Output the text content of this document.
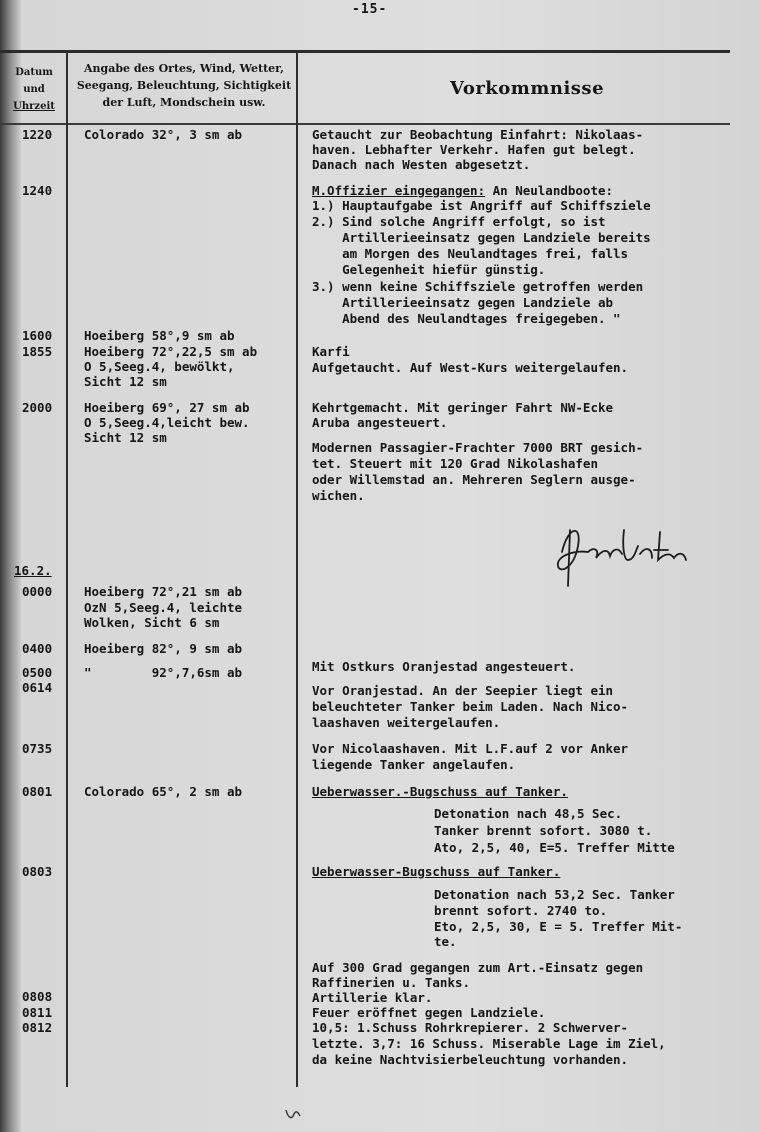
-15-
Datum
und
Uhrzeit
Angabe des Ortes, Wind, Wetter,
Seegang, Beleuchtung, Sichtigkeit
der Luft, Mondschein usw.
Vorkommnisse
1220
1240
1600
1855
2000
16.2.
0000
0400
0500
0614
0735
0801
0803
0808
0811
0812
Colorado 32°, 3 sm ab
Hoeiberg 58°,9 sm ab
Hoeiberg 72°,22,5 sm ab
O 5,Seeg.4, bewölkt,
Sicht 12 sm
Hoeiberg 69°, 27 sm ab
O 5,Seeg.4,leicht bew.
Sicht 12 sm
Hoeiberg 72°,21 sm ab
OzN 5,Seeg.4, leichte
Wolken, Sicht 6 sm
Hoeiberg 82°, 9 sm ab
"        92°,7,6sm ab
Colorado 65°, 2 sm ab
Getaucht zur Beobachtung Einfahrt: Nikolaas-
haven. Lebhafter Verkehr. Hafen gut belegt.
Danach nach Westen abgesetzt.
M.Offizier eingegangen: An Neulandboote:
1.) Hauptaufgabe ist Angriff auf Schiffsziele
2.) Sind solche Angriff erfolgt, so ist
Artillerieeinsatz gegen Landziele bereits
am Morgen des Neulandtages frei, falls
Gelegenheit hiefür günstig.
3.) wenn keine Schiffsziele getroffen werden
Artillerieeinsatz gegen Landziele ab
Abend des Neulandtages freigegeben. "
Karfi
Aufgetaucht. Auf West-Kurs weitergelaufen.
Kehrtgemacht. Mit geringer Fahrt NW-Ecke
Aruba angesteuert.
Modernen Passagier-Frachter 7000 BRT gesich-
tet. Steuert mit 120 Grad Nikolashafen
oder Willemstad an. Mehreren Seglern ausge-
wichen.
Mit Ostkurs Oranjestad angesteuert.
Vor Oranjestad. An der Seepier liegt ein
beleuchteter Tanker beim Laden. Nach Nico-
laashaven weitergelaufen.
Vor Nicolaashaven. Mit L.F.auf 2 vor Anker
liegende Tanker angelaufen.
Ueberwasser.-Bugschuss auf Tanker.
Detonation nach 48,5 Sec.
Tanker brennt sofort. 3080 t.
Ato, 2,5, 40, E=5. Treffer Mitte
Ueberwasser-Bugschuss auf Tanker.
Detonation nach 53,2 Sec. Tanker
brennt sofort. 2740 to.
Eto, 2,5, 30, E = 5. Treffer Mit-
te.
Auf 300 Grad gegangen zum Art.-Einsatz gegen
Raffinerien u. Tanks.
Artillerie klar.
Feuer eröffnet gegen Landziele.
10,5: 1.Schuss Rohrkrepierer. 2 Schwerver-
letzte. 3,7: 16 Schuss. Miserable Lage im Ziel,
da keine Nachtvisierbeleuchtung vorhanden.
